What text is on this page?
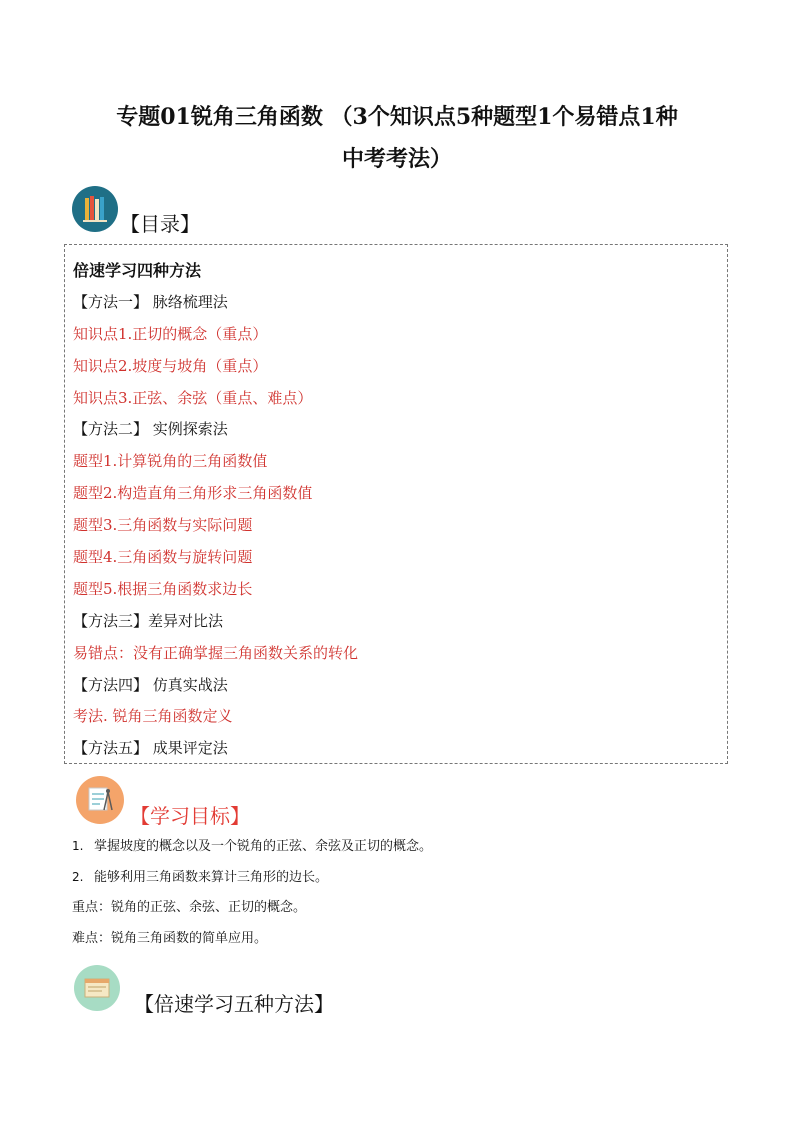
专题01锐角三角函数 （3个知识点5种题型1个易错点1种
中考考法）
【目录】
倍速学习四种方法
【方法一】 脉络梳理法
知识点1.正切的概念（重点）
知识点2.坡度与坡角（重点）
知识点3.正弦、余弦（重点、难点）
【方法二】 实例探索法
题型1.计算锐角的三角函数值
题型2.构造直角三角形求三角函数值
题型3.三角函数与实际问题
题型4.三角函数与旋转问题
题型5.根据三角函数求边长
【方法三】差异对比法
易错点：没有正确掌握三角函数关系的转化
【方法四】 仿真实战法
考法. 锐角三角函数定义
【方法五】 成果评定法
【学习目标】
1. 掌握坡度的概念以及一个锐角的正弦、余弦及正切的概念。
2. 能够利用三角函数来算计三角形的边长。
重点：锐角的正弦、余弦、正切的概念。
难点：锐角三角函数的简单应用。
【倍速学习五种方法】
